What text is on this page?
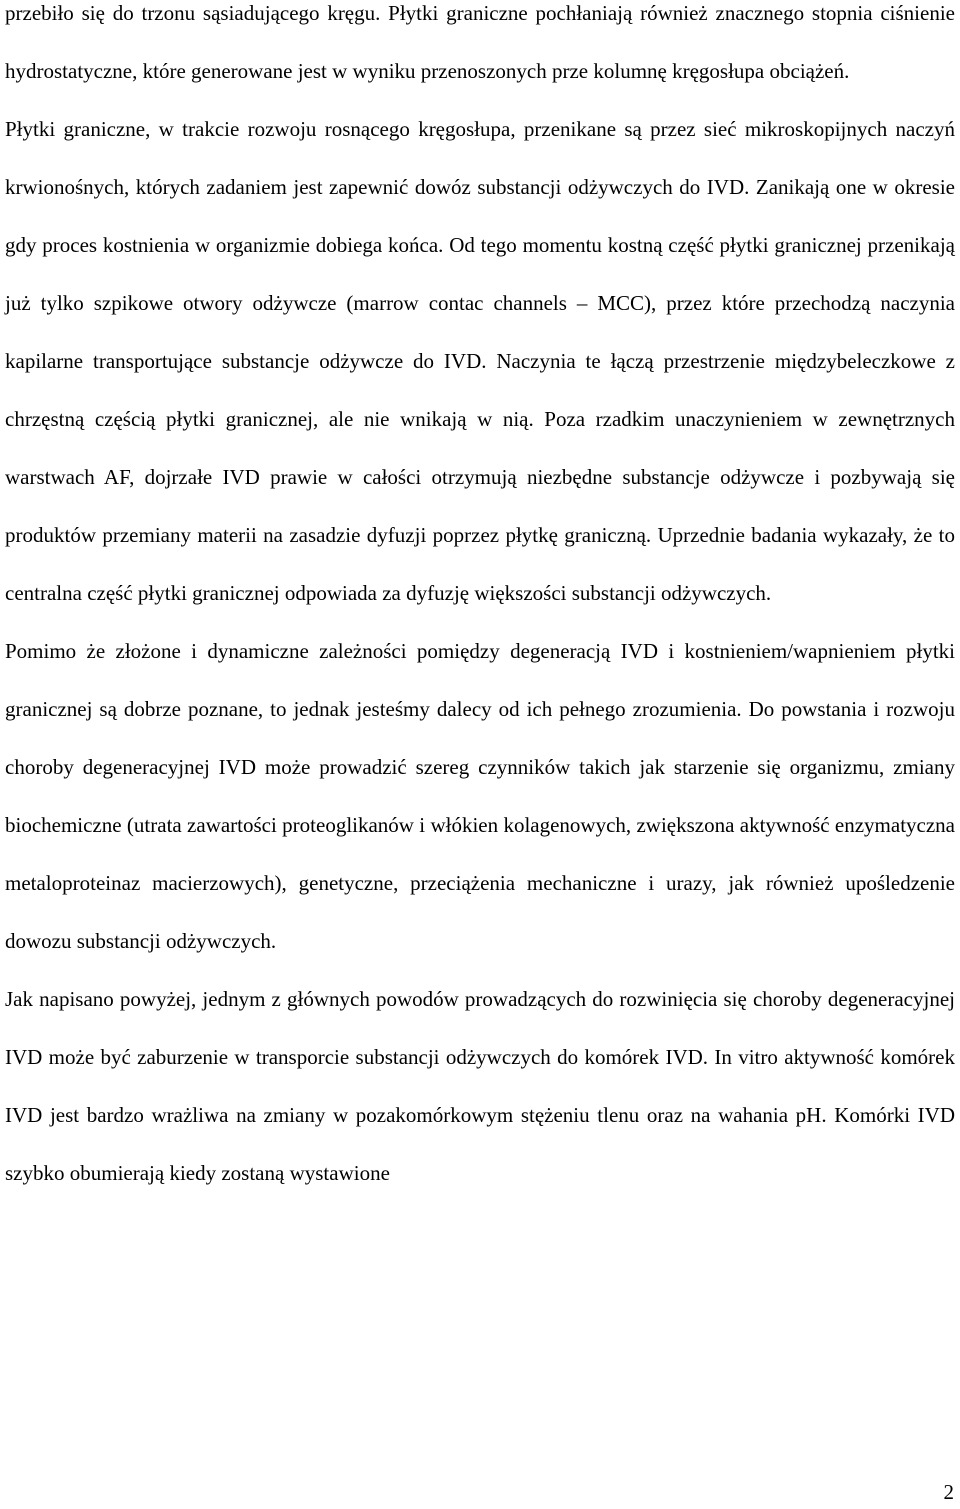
przebiło się do trzonu sąsiadującego kręgu. Płytki graniczne pochłaniają również znacznego stopnia ciśnienie hydrostatyczne, które generowane jest w wyniku przenoszonych prze kolumnę kręgosłupa obciążeń.

Płytki graniczne, w trakcie rozwoju rosnącego kręgosłupa, przenikane są przez sieć mikroskopijnych naczyń krwionośnych, których zadaniem jest zapewnić dowóz substancji odżywczych do IVD. Zanikają one w okresie gdy proces kostnienia w organizmie dobiega końca. Od tego momentu kostną część płytki granicznej przenikają już tylko szpikowe otwory odżywcze (marrow contac channels – MCC), przez które przechodzą naczynia kapilarne transportujące substancje odżywcze do IVD. Naczynia te łączą przestrzenie międzybeleczkowe z chrzęstną częścią płytki granicznej, ale nie wnikają w nią. Poza rzadkim unaczynieniem w zewnętrznych warstwach AF, dojrzałe IVD prawie w całości otrzymują niezbędne substancje odżywcze i pozbywają się produktów przemiany materii na zasadzie dyfuzji poprzez płytkę graniczną. Uprzednie badania wykazały, że to centralna część płytki granicznej odpowiada za dyfuzję większości substancji odżywczych.

Pomimo że złożone i dynamiczne zależności pomiędzy degeneracją IVD i kostnieniem/wapnieniem płytki granicznej są dobrze poznane, to jednak jesteśmy dalecy od ich pełnego zrozumienia. Do powstania i rozwoju choroby degeneracyjnej IVD może prowadzić szereg czynników takich jak starzenie się organizmu, zmiany biochemiczne (utrata zawartości proteoglikanów i włókien kolagenowych, zwiększona aktywność enzymatyczna metaloproteinaz macierzowych), genetyczne, przeciążenia mechaniczne i urazy, jak również upośledzenie dowozu substancji odżywczych.

Jak napisano powyżej, jednym z głównych powodów prowadzących do rozwinięcia się choroby degeneracyjnej IVD może być zaburzenie w transporcie substancji odżywczych do komórek IVD. In vitro aktywność komórek IVD jest bardzo wrażliwa na zmiany w pozakomórkowym stężeniu tlenu oraz na wahania pH. Komórki IVD szybko obumierają kiedy zostaną wystawione

2
